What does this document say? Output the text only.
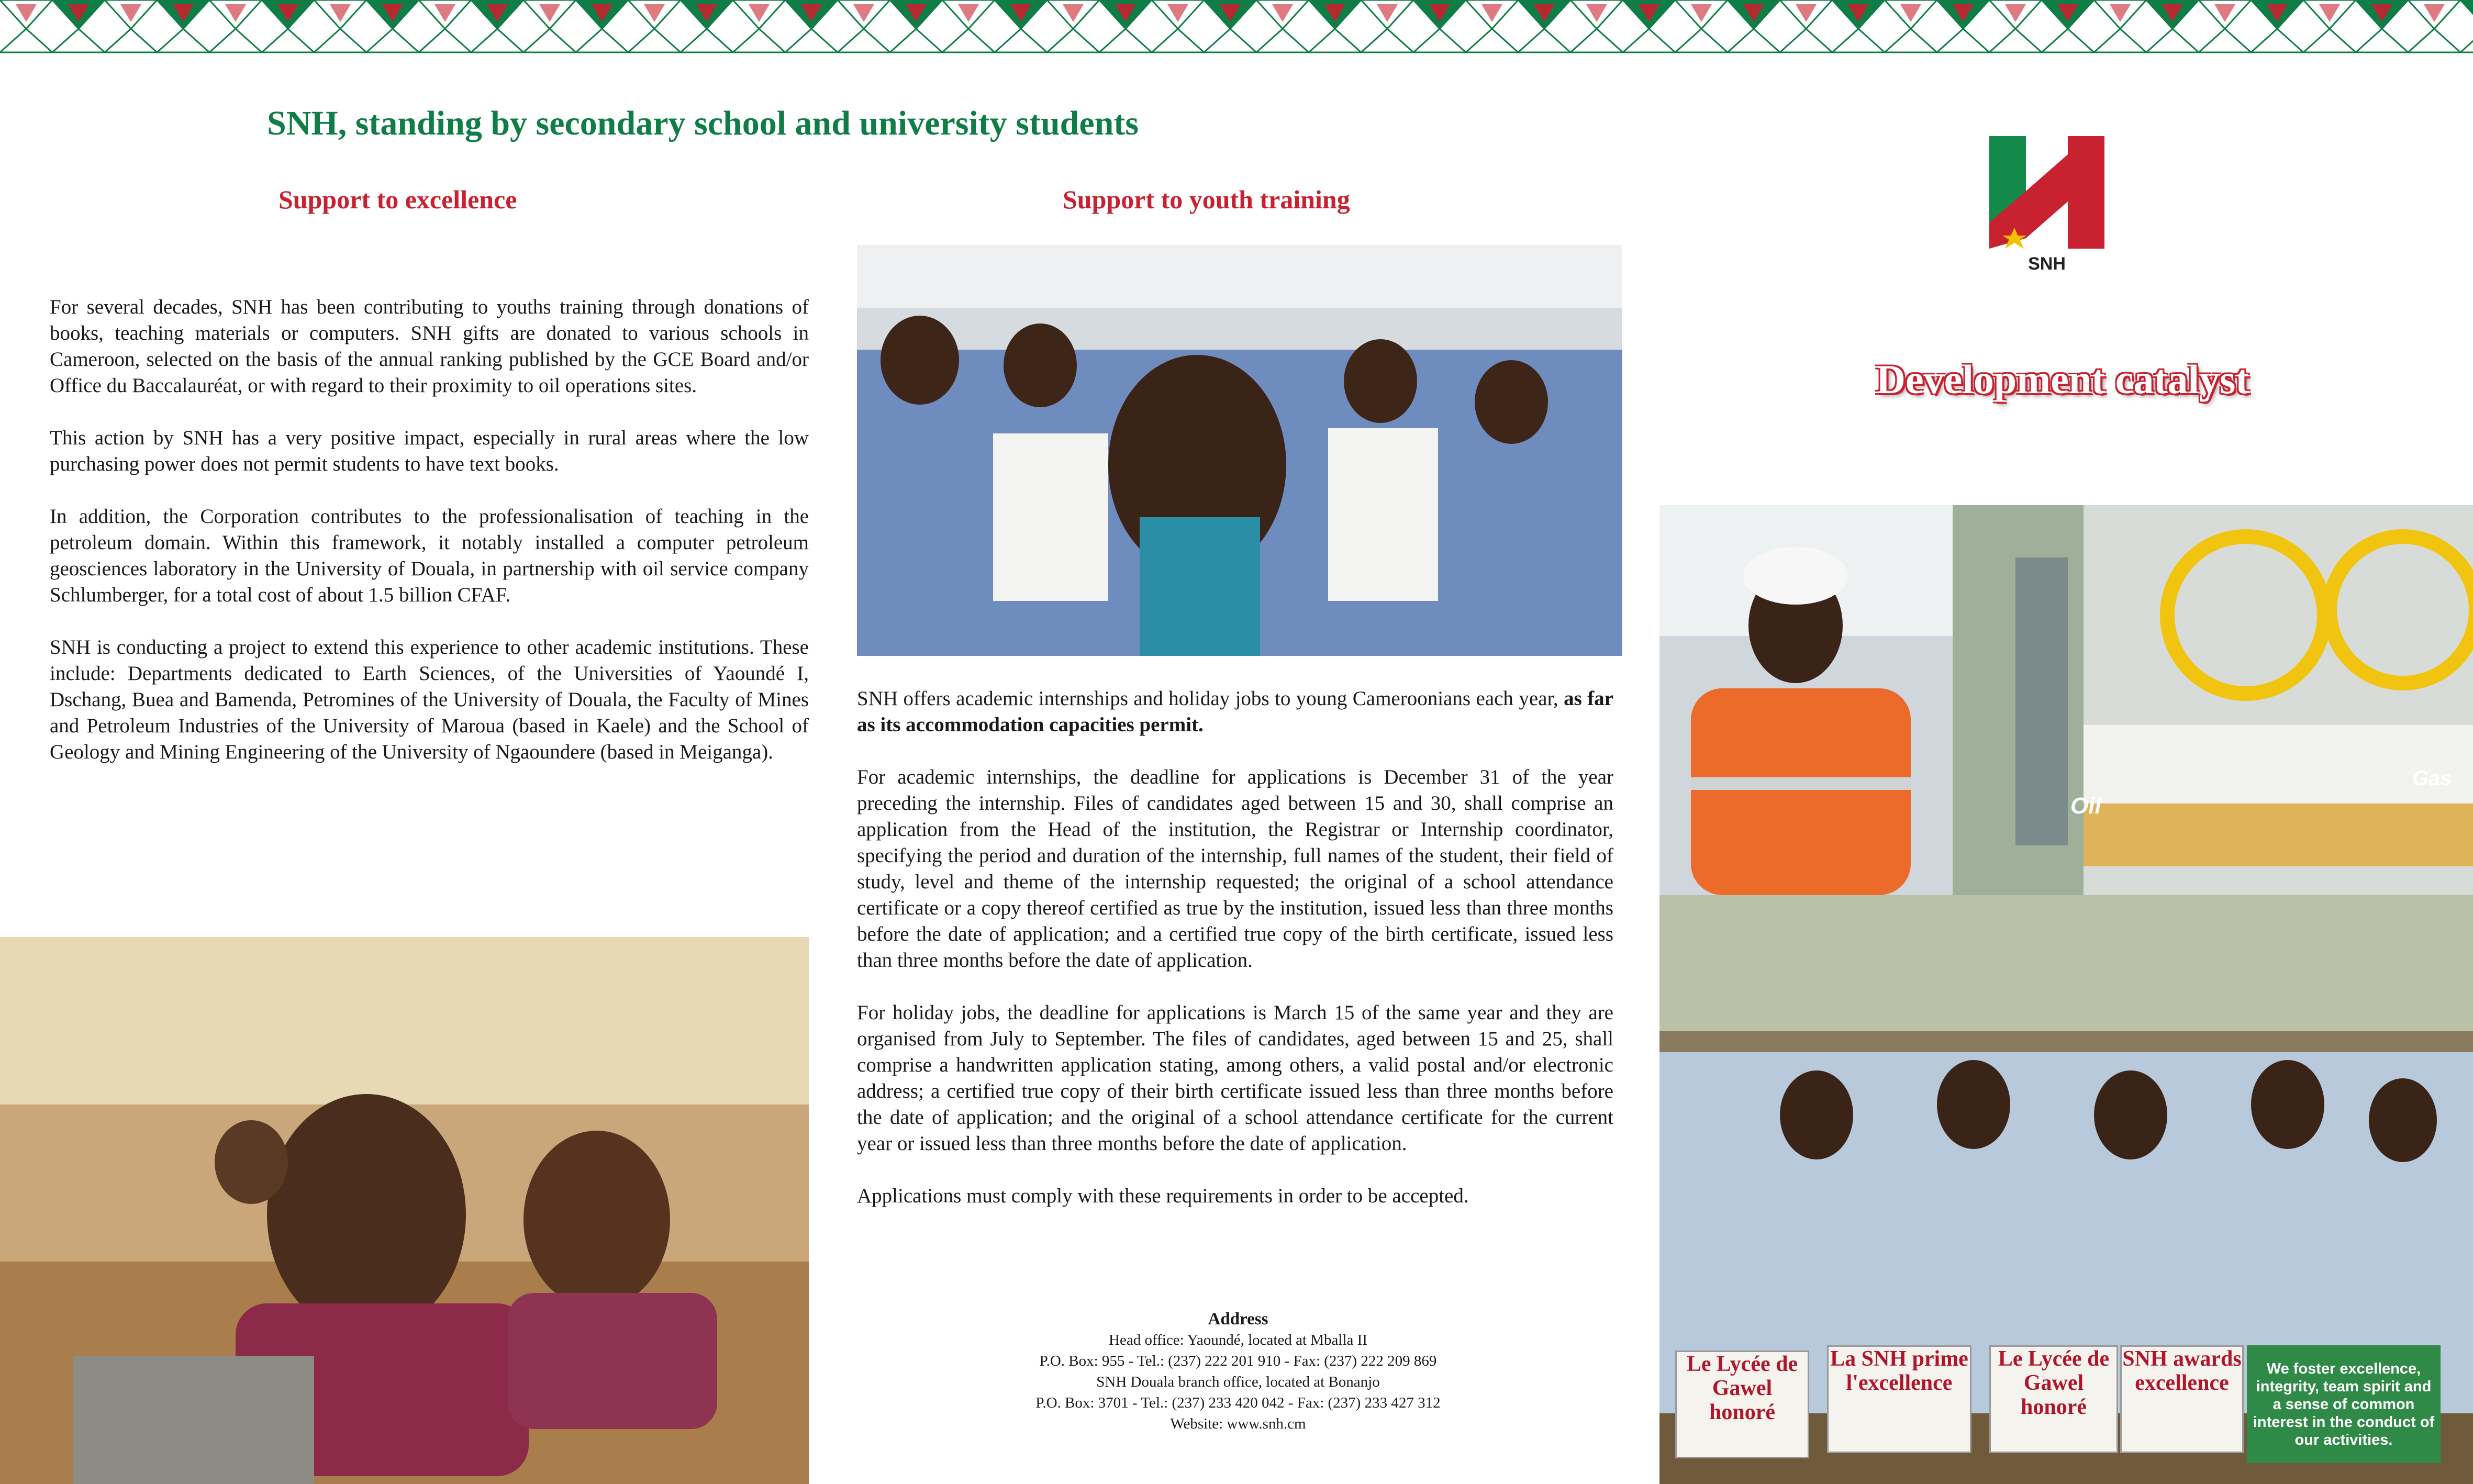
SNH, standing by secondary school and university students
Support to excellence

For several decades, SNH has been contributing to youths training through donations of books, teaching materials or computers. SNH gifts are donated to various schools in Cameroon, selected on the basis of the annual ranking published by the GCE Board and/or Office du Baccalauréat, or with regard to their proximity to oil operations sites.

This action by SNH has a very positive impact, especially in rural areas where the low purchasing power does not permit students to have text books.

In addition, the Corporation contributes to the professionalisation of teaching in the petroleum domain. Within this framework, it notably installed a computer petroleum geosciences laboratory in the University of Douala, in partnership with oil service company Schlumberger, for a total cost of about 1.5 billion CFAF.

SNH is conducting a project to extend this experience to other academic institutions. These include: Departments dedicated to Earth Sciences, of the Universities of Yaoundé I, Dschang, Buea and Bamenda, Petromines of the University of Douala, the Faculty of Mines and Petroleum Industries of the University of Maroua (based in Kaele) and the School of Geology and Mining Engineering of the University of Ngaoundere (based in Meiganga).

Support to youth training

SNH offers academic internships and holiday jobs to young Cameroonians each year, as far as its accommodation capacities permit.

For academic internships, the deadline for applications is December 31 of the year preceding the internship. Files of candidates aged between 15 and 30, shall comprise an application from the Head of the institution, the Registrar or Internship coordinator, specifying the period and duration of the internship, full names of the student, their field of study, level and theme of the internship requested; the original of a school attendance certificate or a copy thereof certified as true by the institution, issued less than three months before the date of application; and a certified true copy of the birth certificate, issued less than three months before the date of application.

For holiday jobs, the deadline for applications is March 15 of the same year and they are organised from July to September. The files of candidates, aged between 15 and 25, shall comprise a handwritten application stating, among others, a valid postal and/or electronic address; a certified true copy of their birth certificate issued less than three months before the date of application; and the original of a school attendance certificate for the current year or issued less than three months before the date of application.

Applications must comply with these requirements in order to be accepted.

Address
Head office: Yaoundé, located at Mballa II
P.O. Box: 955 - Tel.: (237) 222 201 910 - Fax: (237) 222 209 869
SNH Douala branch office, located at Bonanjo
P.O. Box: 3701 - Tel.: (237) 233 420 042 - Fax: (237) 233 427 312
Website: www.snh.cm
SNH
Development catalyst
Oil
Gas
Le Lycée de Gawel honoré
La SNH prime l'excellence
Le Lycée de Gawel honoré
SNH awards excellence
We foster excellence, integrity, team spirit and a sense of common interest in the conduct of our activities.
